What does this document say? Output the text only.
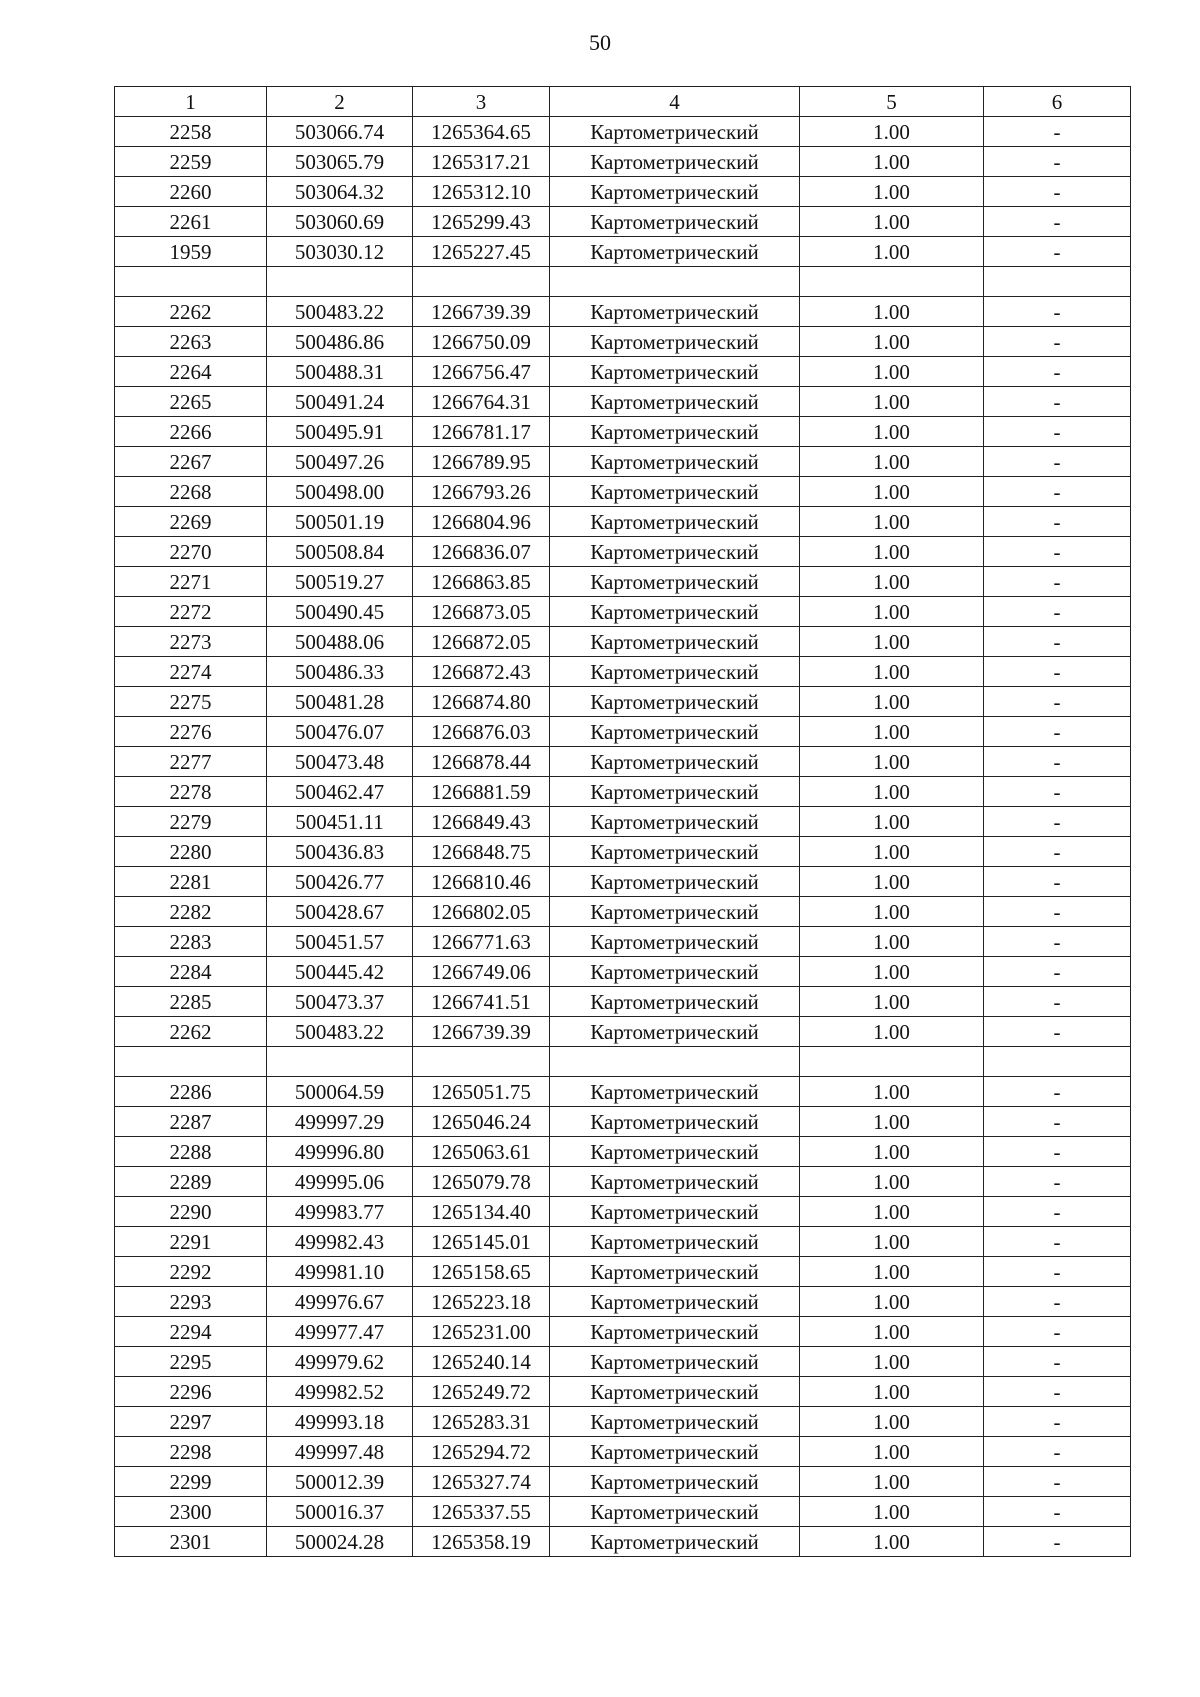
50
1	2	3	4	5	6
2258	503066.74	1265364.65	Картометрический	1.00	-
2259	503065.79	1265317.21	Картометрический	1.00	-
2260	503064.32	1265312.10	Картометрический	1.00	-
2261	503060.69	1265299.43	Картометрический	1.00	-
1959	503030.12	1265227.45	Картометрический	1.00	-

2262	500483.22	1266739.39	Картометрический	1.00	-
2263	500486.86	1266750.09	Картометрический	1.00	-
2264	500488.31	1266756.47	Картометрический	1.00	-
2265	500491.24	1266764.31	Картометрический	1.00	-
2266	500495.91	1266781.17	Картометрический	1.00	-
2267	500497.26	1266789.95	Картометрический	1.00	-
2268	500498.00	1266793.26	Картометрический	1.00	-
2269	500501.19	1266804.96	Картометрический	1.00	-
2270	500508.84	1266836.07	Картометрический	1.00	-
2271	500519.27	1266863.85	Картометрический	1.00	-
2272	500490.45	1266873.05	Картометрический	1.00	-
2273	500488.06	1266872.05	Картометрический	1.00	-
2274	500486.33	1266872.43	Картометрический	1.00	-
2275	500481.28	1266874.80	Картометрический	1.00	-
2276	500476.07	1266876.03	Картометрический	1.00	-
2277	500473.48	1266878.44	Картометрический	1.00	-
2278	500462.47	1266881.59	Картометрический	1.00	-
2279	500451.11	1266849.43	Картометрический	1.00	-
2280	500436.83	1266848.75	Картометрический	1.00	-
2281	500426.77	1266810.46	Картометрический	1.00	-
2282	500428.67	1266802.05	Картометрический	1.00	-
2283	500451.57	1266771.63	Картометрический	1.00	-
2284	500445.42	1266749.06	Картометрический	1.00	-
2285	500473.37	1266741.51	Картометрический	1.00	-
2262	500483.22	1266739.39	Картометрический	1.00	-

2286	500064.59	1265051.75	Картометрический	1.00	-
2287	499997.29	1265046.24	Картометрический	1.00	-
2288	499996.80	1265063.61	Картометрический	1.00	-
2289	499995.06	1265079.78	Картометрический	1.00	-
2290	499983.77	1265134.40	Картометрический	1.00	-
2291	499982.43	1265145.01	Картометрический	1.00	-
2292	499981.10	1265158.65	Картометрический	1.00	-
2293	499976.67	1265223.18	Картометрический	1.00	-
2294	499977.47	1265231.00	Картометрический	1.00	-
2295	499979.62	1265240.14	Картометрический	1.00	-
2296	499982.52	1265249.72	Картометрический	1.00	-
2297	499993.18	1265283.31	Картометрический	1.00	-
2298	499997.48	1265294.72	Картометрический	1.00	-
2299	500012.39	1265327.74	Картометрический	1.00	-
2300	500016.37	1265337.55	Картометрический	1.00	-
2301	500024.28	1265358.19	Картометрический	1.00	-
